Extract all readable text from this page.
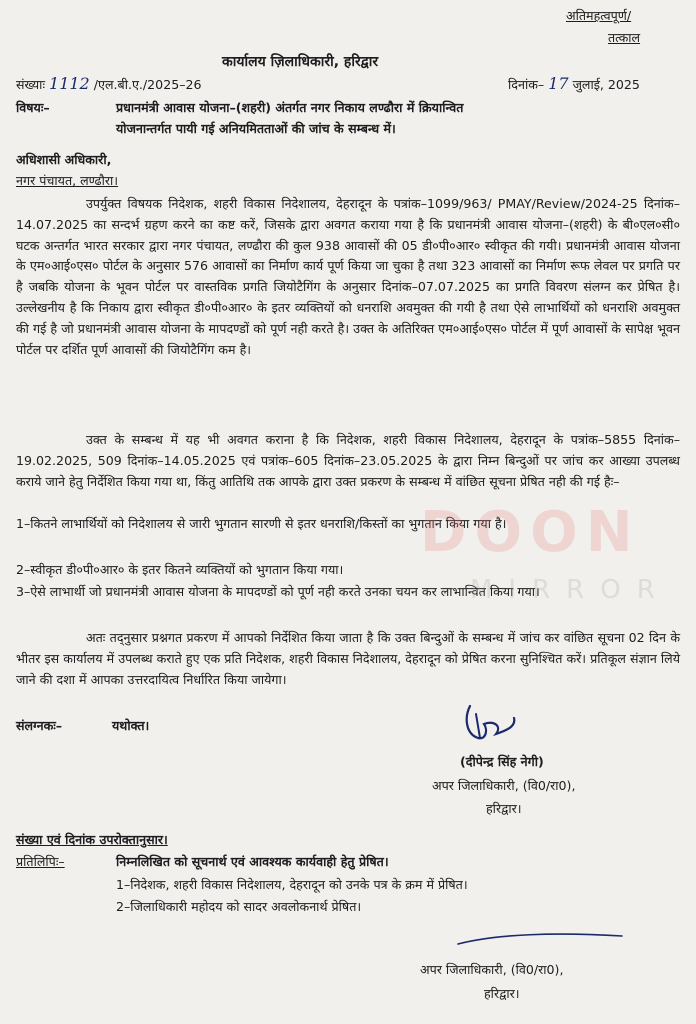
अतिमहत्वपूर्ण/
तत्काल
कार्यालय ज़िलाधिकारी, हरिद्वार
संख्याः 1112 /एल.बी.ए./2025–26	दिनांक– 17 जुलाई, 2025
विषयः–	प्रधानमंत्री आवास योजना–(शहरी) अंतर्गत नगर निकाय लण्ढौरा में क्रियान्वित
योजनान्तर्गत पायी गई अनियमितताओं की जांच के सम्बन्ध में।
अधिशासी अधिकारी,
नगर पंचायत, लण्ढौरा।

उपर्युक्त विषयक निदेशक, शहरी विकास निदेशालय, देहरादून के पत्रांक–1099/963/ PMAY/Review/2024-25 दिनांक–14.07.2025 का सन्दर्भ ग्रहण करने का कष्ट करें, जिसके द्वारा अवगत कराया गया है कि प्रधानमंत्री आवास योजना–(शहरी) के बी०एल०सी० घटक अन्तर्गत भारत सरकार द्वारा नगर पंचायत, लण्ढौरा की कुल 938 आवासों की 05 डी०पी०आर० स्वीकृत की गयी। प्रधानमंत्री आवास योजना के एम०आई०एस० पोर्टल के अनुसार 576 आवासों का निर्माण कार्य पूर्ण किया जा चुका है तथा 323 आवासों का निर्माण रूफ लेवल पर प्रगति पर है जबकि योजना के भूवन पोर्टल पर वास्तविक प्रगति जियोटैगिंग के अनुसार दिनांक–07.07.2025 का प्रगति विवरण संलग्न कर प्रेषित है। उल्लेखनीय है कि निकाय द्वारा स्वीकृत डी०पी०आर० के इतर व्यक्तियों को धनराशि अवमुक्त की गयी है तथा ऐसे लाभार्थियों को धनराशि अवमुक्त की गई है जो प्रधानमंत्री आवास योजना के मापदण्डों को पूर्ण नही करते है। उक्त के अतिरिक्त एम०आई०एस० पोर्टल में पूर्ण आवासों के सापेक्ष भूवन पोर्टल पर दर्शित पूर्ण आवासों की जियोटैगिंग कम है।

उक्त के सम्बन्ध में यह भी अवगत कराना है कि निदेशक, शहरी विकास निदेशालय, देहरादून के पत्रांक–5855 दिनांक–19.02.2025, 509 दिनांक–14.05.2025 एवं पत्रांक–605 दिनांक–23.05.2025 के द्वारा निम्न बिन्दुओं पर जांच कर आख्या उपलब्ध कराये जाने हेतु निर्देशित किया गया था, किंतु आतिथि तक आपके द्वारा उक्त प्रकरण के सम्बन्ध में वांछित सूचना प्रेषित नही की गई हैः–

1–कितने लाभार्थियों को निदेशालय से जारी भुगतान सारणी से इतर धनराशि/किस्तों का भुगतान किया गया है।

2–स्वीकृत डी०पी०आर० के इतर कितने व्यक्तियों को भुगतान किया गया।

3–ऐसे लाभार्थी जो प्रधानमंत्री आवास योजना के मापदण्डों को पूर्ण नही करते उनका चयन कर लाभान्वित किया गया।

अतः तद्नुसार प्रश्नगत प्रकरण में आपको निर्देशित किया जाता है कि उक्त बिन्दुओं के सम्बन्ध में जांच कर वांछित सूचना 02 दिन के भीतर इस कार्यालय में उपलब्ध कराते हुए एक प्रति निदेशक, शहरी विकास निदेशालय, देहरादून को प्रेषित करना सुनिश्चित करें। प्रतिकूल संज्ञान लिये जाने की दशा में आपका उत्तरदायित्व निर्धारित किया जायेगा।

संलग्नकः–	यथोक्त।
(दीपेन्द्र सिंह नेगी)
अपर जिलाधिकारी, (वि0/रा0),
हरिद्वार।
संख्या एवं दिनांक उपरोक्तानुसार।
प्रतिलिपिः–	निम्नलिखित को सूचनार्थ एवं आवश्यक कार्यवाही हेतु प्रेषित।
1–निदेशक, शहरी विकास निदेशालय, देहरादून को उनके पत्र के क्रम में प्रेषित।
2–जिलाधिकारी महोदय को सादर अवलोकनार्थ प्रेषित।
अपर जिलाधिकारी, (वि0/रा0),
हरिद्वार।
DOON
MIRROR
